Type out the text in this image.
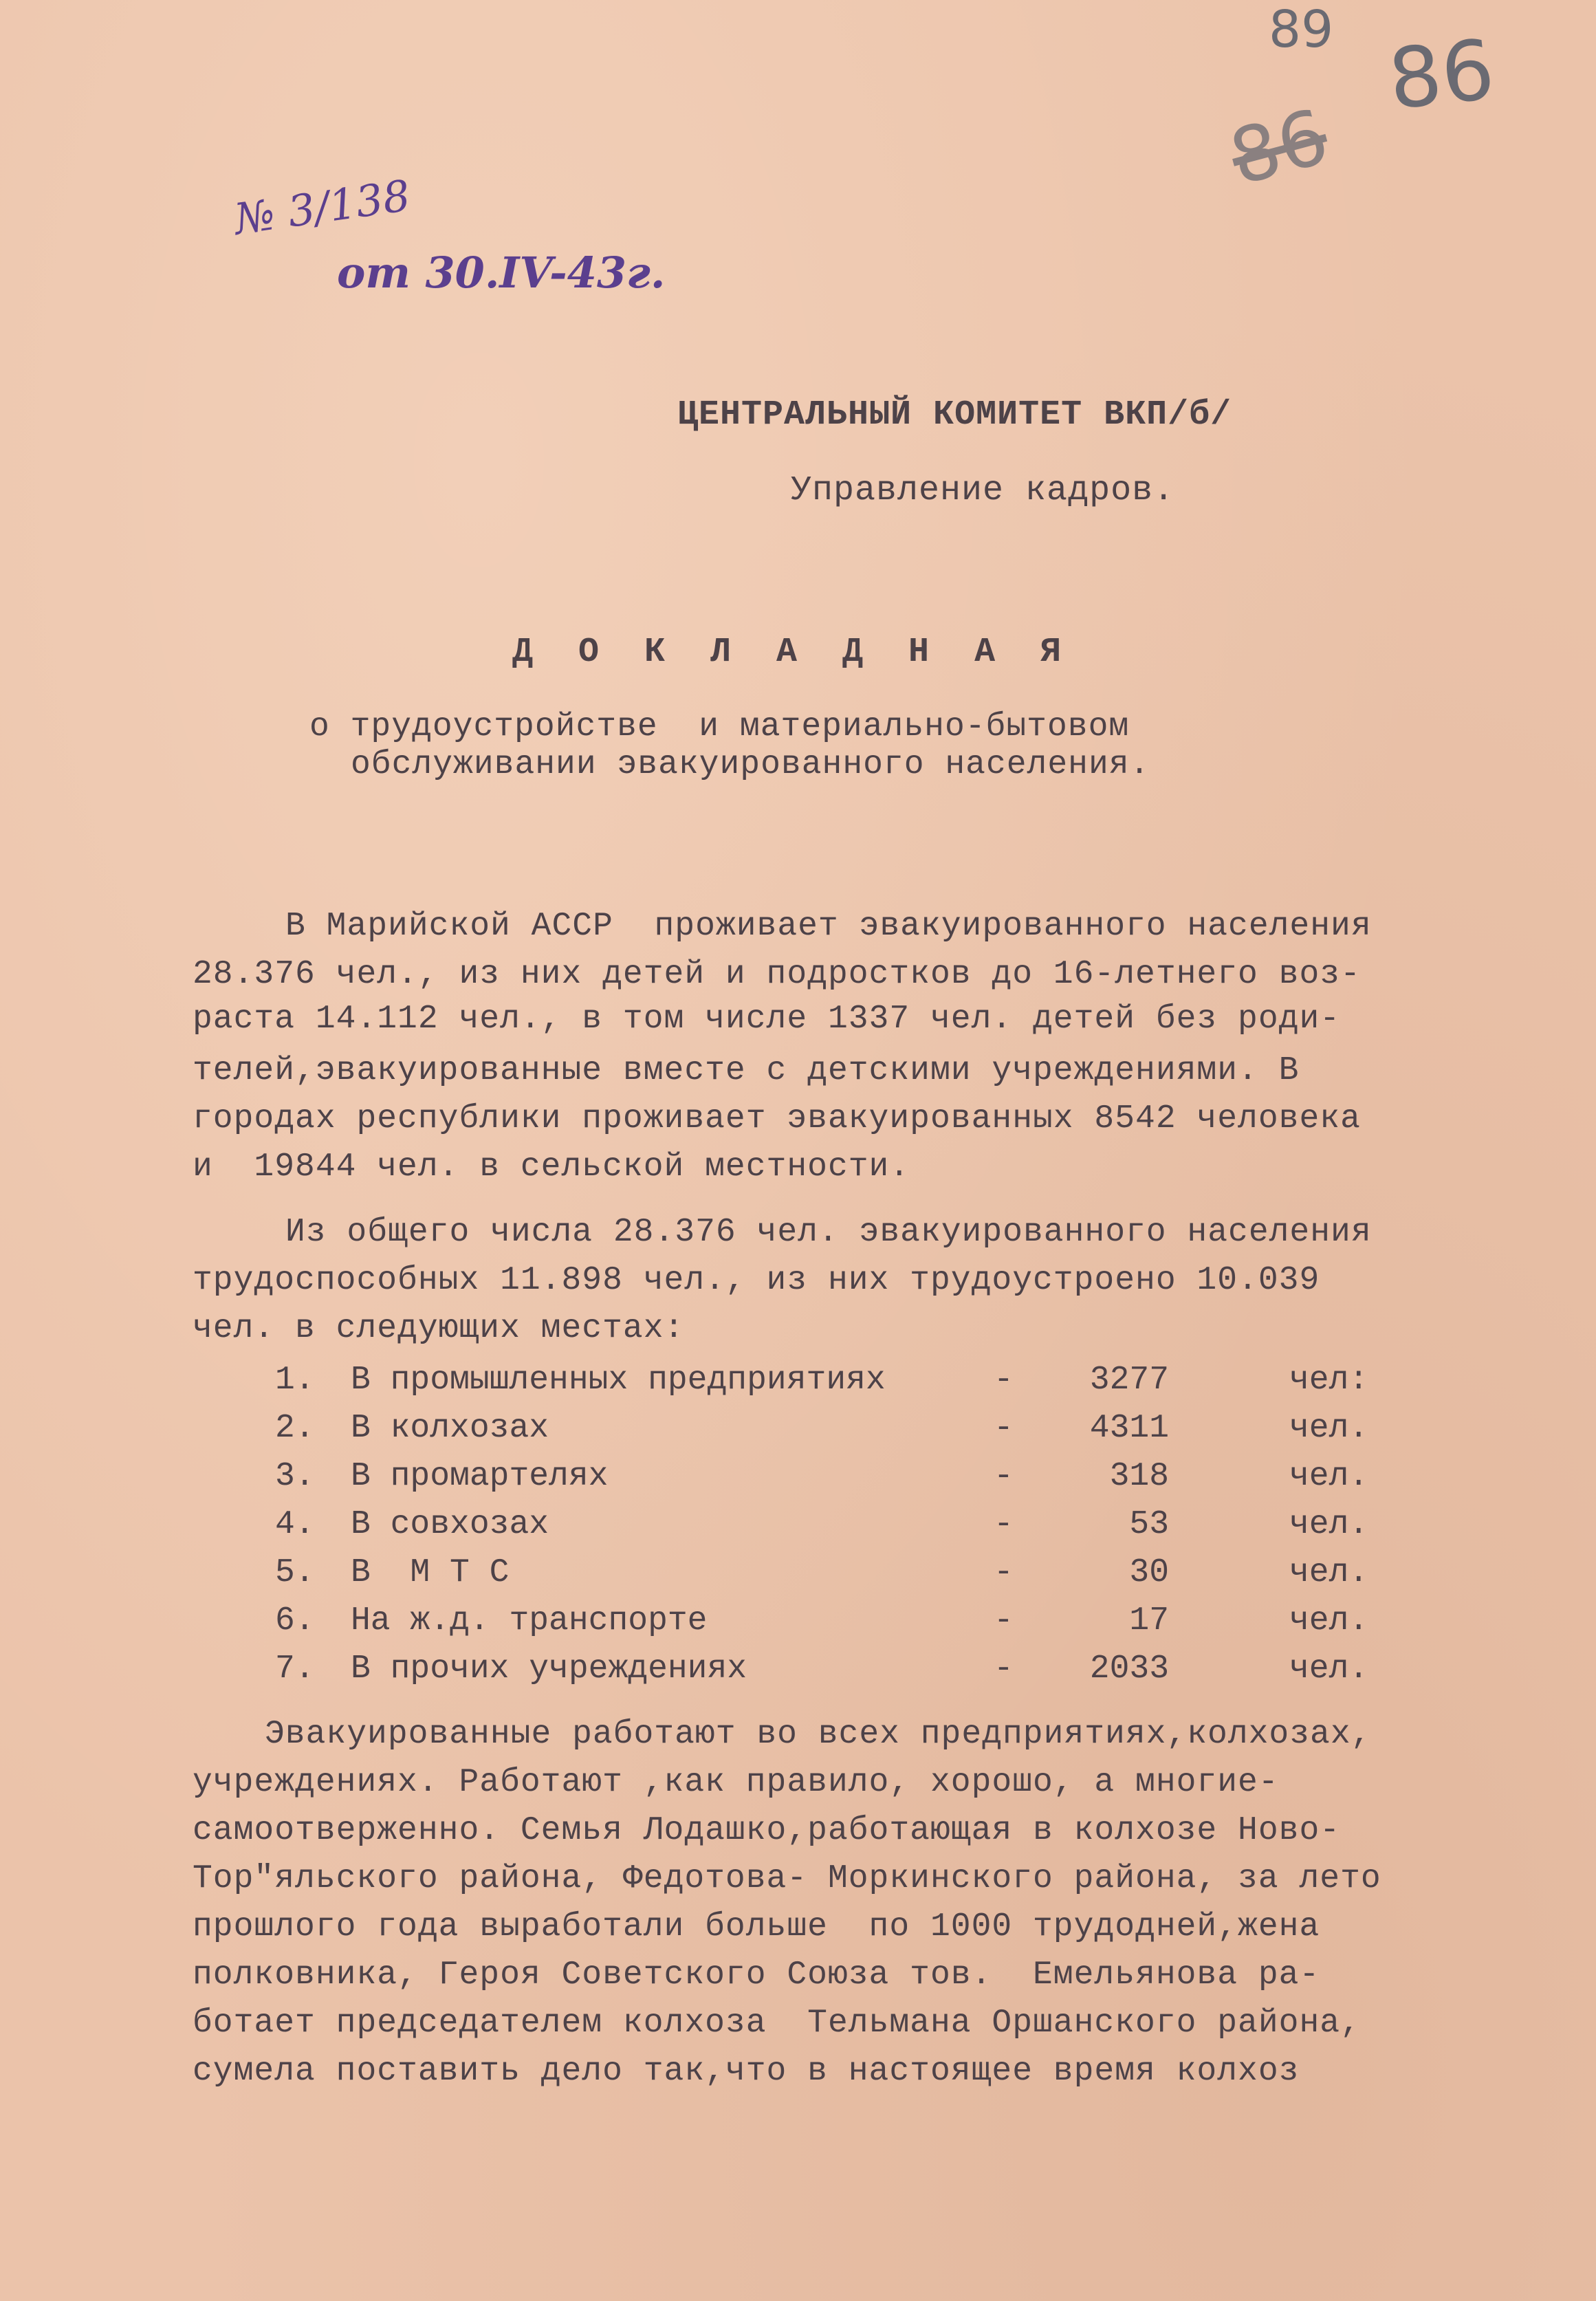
№ 3/138
от 30.IV-43г.
89
86
86
ЦЕНТРАЛЬНЫЙ КОМИТЕТ ВКП/б/
Управление кадров.
Д О К Л А Д Н А Я
о трудоустройстве  и материально-бытовом
обслуживании эвакуированного населения.
В Марийской АССР  проживает эвакуированного населения
28.376 чел., из них детей и подростков до 16-летнего воз-
раста 14.112 чел., в том числе 1337 чел. детей без роди-
телей,эвакуированные вместе с детскими учреждениями. В
городах республики проживает эвакуированных 8542 человека
и  19844 чел. в сельской местности.
Из общего числа 28.376 чел. эвакуированного населения
трудоспособных 11.898 чел., из них трудоустроено 10.039
чел. в следующих местах:
1. В промышленных предприятиях	- 3277	чел:
2. В колхозах	- 4311	чел.
3. В промартелях	-	318	чел.
4. В совхозах	-	53	чел.
5. В  М Т С	-	30	чел.
6. На ж.д. транспорте	-	17	чел.
7. В прочих учреждениях	- 2033	чел.
Эвакуированные работают во всех предприятиях,колхозах,
учреждениях. Работают ,как правило, хорошо, а многие-
самоотверженно. Семья Лодашко,работающая в колхозе Ново-
Тор"яльского района, Федотова- Моркинского района, за лето
прошлого года выработали больше  по 1000 трудодней,жена
полковника, Героя Советского Союза тов.  Емельянова ра-
ботает председателем колхоза  Тельмана Оршанского района,
сумела поставить дело так,что в настоящее время колхоз
